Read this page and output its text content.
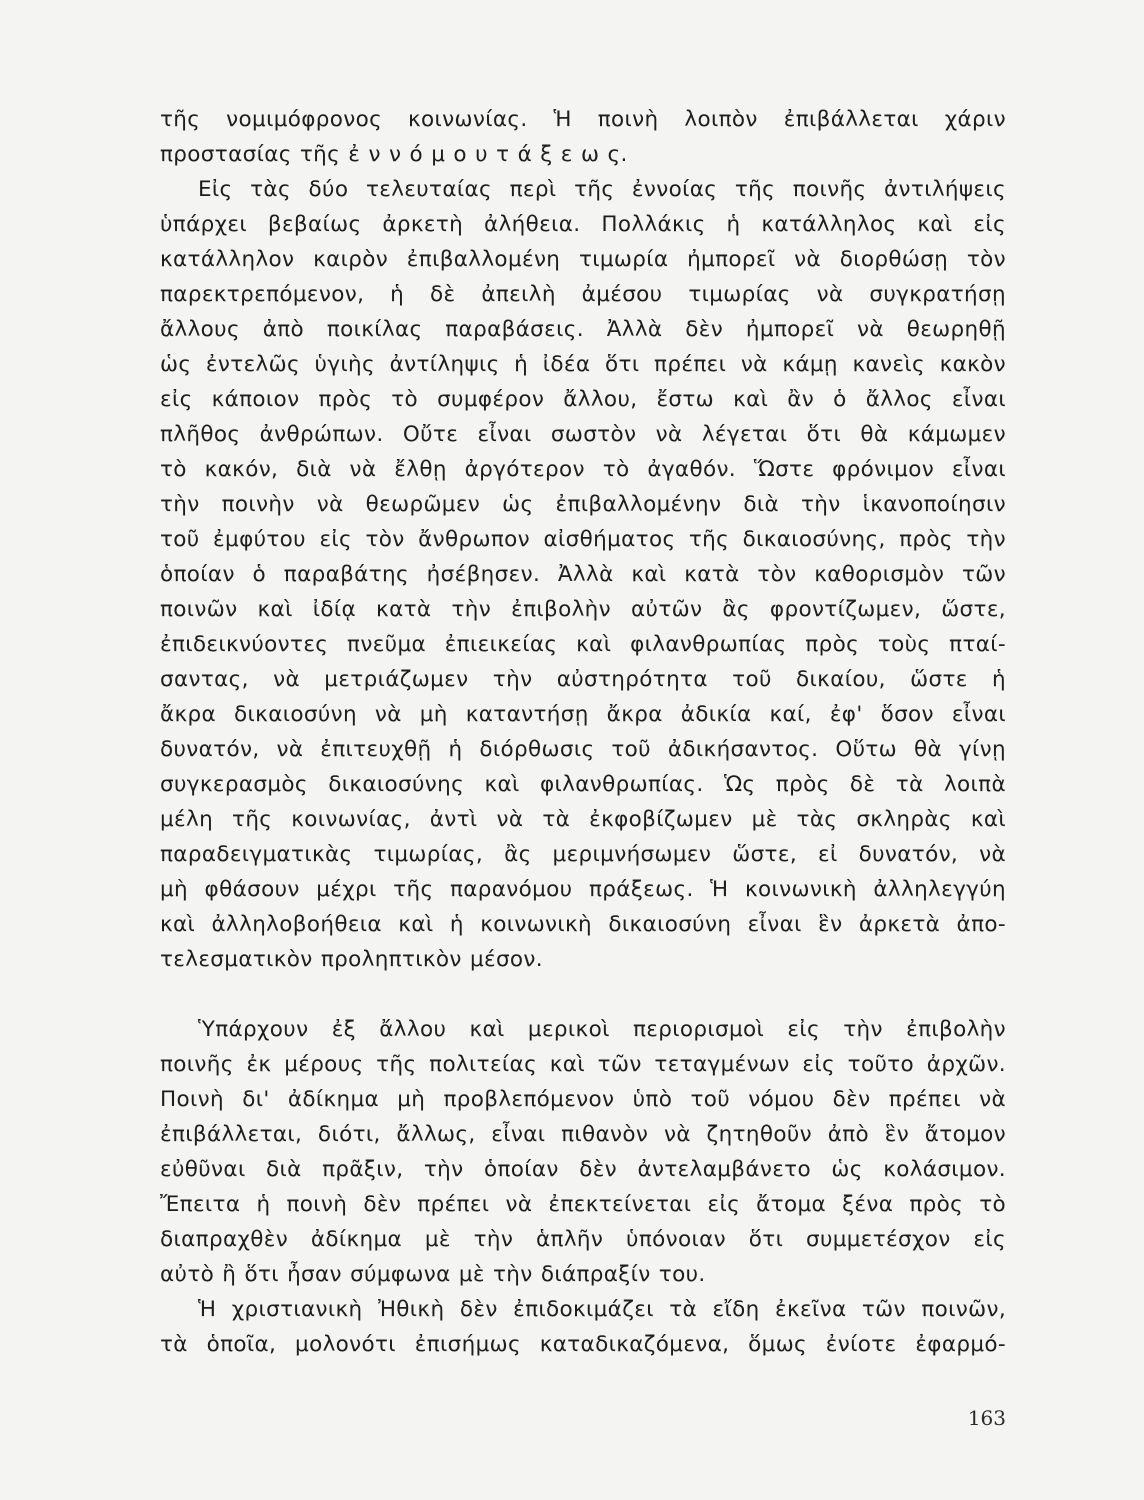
τῆς νομιμόφρονος κοινωνίας. Ἡ ποινὴ λοιπὸν ἐπιβάλλεται χάριν
προστασίας τῆς ἐ ν ν ό μ ο υ τ ά ξ ε ω ς.
Εἰς τὰς δύο τελευταίας περὶ τῆς ἐννοίας τῆς ποινῆς ἀντιλήψεις
ὑπάρχει βεβαίως ἀρκετὴ ἀλήθεια. Πολλάκις ἡ κατάλληλος καὶ εἰς
κατάλληλον καιρὸν ἐπιβαλλομένη τιμωρία ἠμπορεῖ νὰ διορθώσῃ τὸν
παρεκτρεπόμενον, ἡ δὲ ἀπειλὴ ἀμέσου τιμωρίας νὰ συγκρατήσῃ
ἄλλους ἀπὸ ποικίλας παραβάσεις. Ἀλλὰ δὲν ἠμπορεῖ νὰ θεωρηθῇ
ὡς ἐντελῶς ὑγιὴς ἀντίληψις ἡ ἰδέα ὅτι πρέπει νὰ κάμῃ κανεὶς κακὸν
εἰς κάποιον πρὸς τὸ συμφέρον ἄλλου, ἔστω καὶ ἂν ὁ ἄλλος εἶναι
πλῆθος ἀνθρώπων. Οὔτε εἶναι σωστὸν νὰ λέγεται ὅτι θὰ κάμωμεν
τὸ κακόν, διὰ νὰ ἔλθῃ ἀργότερον τὸ ἀγαθόν. Ὥστε φρόνιμον εἶναι
τὴν ποινὴν νὰ θεωρῶμεν ὡς ἐπιβαλλομένην διὰ τὴν ἱκανοποίησιν
τοῦ ἐμφύτου εἰς τὸν ἄνθρωπον αἰσθήματος τῆς δικαιοσύνης, πρὸς τὴν
ὁποίαν ὁ παραβάτης ἠσέβησεν. Ἀλλὰ καὶ κατὰ τὸν καθορισμὸν τῶν
ποινῶν καὶ ἰδίᾳ κατὰ τὴν ἐπιβολὴν αὐτῶν ἂς φροντίζωμεν, ὥστε,
ἐπιδεικνύοντες πνεῦμα ἐπιεικείας καὶ φιλανθρωπίας πρὸς τοὺς πταί-
σαντας, νὰ μετριάζωμεν τὴν αὐστηρότητα τοῦ δικαίου, ὥστε ἡ
ἄκρα δικαιοσύνη νὰ μὴ καταντήσῃ ἄκρα ἀδικία καί, ἐφ' ὅσον εἶναι
δυνατόν, νὰ ἐπιτευχθῇ ἡ διόρθωσις τοῦ ἀδικήσαντος. Οὕτω θὰ γίνῃ
συγκερασμὸς δικαιοσύνης καὶ φιλανθρωπίας. Ὡς πρὸς δὲ τὰ λοιπὰ
μέλη τῆς κοινωνίας, ἀντὶ νὰ τὰ ἐκφοβίζωμεν μὲ τὰς σκληρὰς καὶ
παραδειγματικὰς τιμωρίας, ἂς μεριμνήσωμεν ὥστε, εἰ δυνατόν, νὰ
μὴ φθάσουν μέχρι τῆς παρανόμου πράξεως. Ἡ κοινωνικὴ ἀλληλεγγύη
καὶ ἀλληλοβοήθεια καὶ ἡ κοινωνικὴ δικαιοσύνη εἶναι ἓν ἀρκετὰ ἀπο-
τελεσματικὸν προληπτικὸν μέσον.
Ὑπάρχουν ἐξ ἄλλου καὶ μερικοὶ περιορισμοὶ εἰς τὴν ἐπιβολὴν
ποινῆς ἐκ μέρους τῆς πολιτείας καὶ τῶν τεταγμένων εἰς τοῦτο ἀρχῶν.
Ποινὴ δι' ἀδίκημα μὴ προβλεπόμενον ὑπὸ τοῦ νόμου δὲν πρέπει νὰ
ἐπιβάλλεται, διότι, ἄλλως, εἶναι πιθανὸν νὰ ζητηθοῦν ἀπὸ ἓν ἄτομον
εὐθῦναι διὰ πρᾶξιν, τὴν ὁποίαν δὲν ἀντελαμβάνετο ὡς κολάσιμον.
Ἔπειτα ἡ ποινὴ δὲν πρέπει νὰ ἐπεκτείνεται εἰς ἄτομα ξένα πρὸς τὸ
διαπραχθὲν ἀδίκημα μὲ τὴν ἁπλῆν ὑπόνοιαν ὅτι συμμετέσχον εἰς
αὐτὸ ἢ ὅτι ἦσαν σύμφωνα μὲ τὴν διάπραξίν του.
Ἡ χριστιανικὴ Ἠθικὴ δὲν ἐπιδοκιμάζει τὰ εἴδη ἐκεῖνα τῶν ποινῶν,
τὰ ὁποῖα, μολονότι ἐπισήμως καταδικαζόμενα, ὅμως ἐνίοτε ἐφαρμό-
163
